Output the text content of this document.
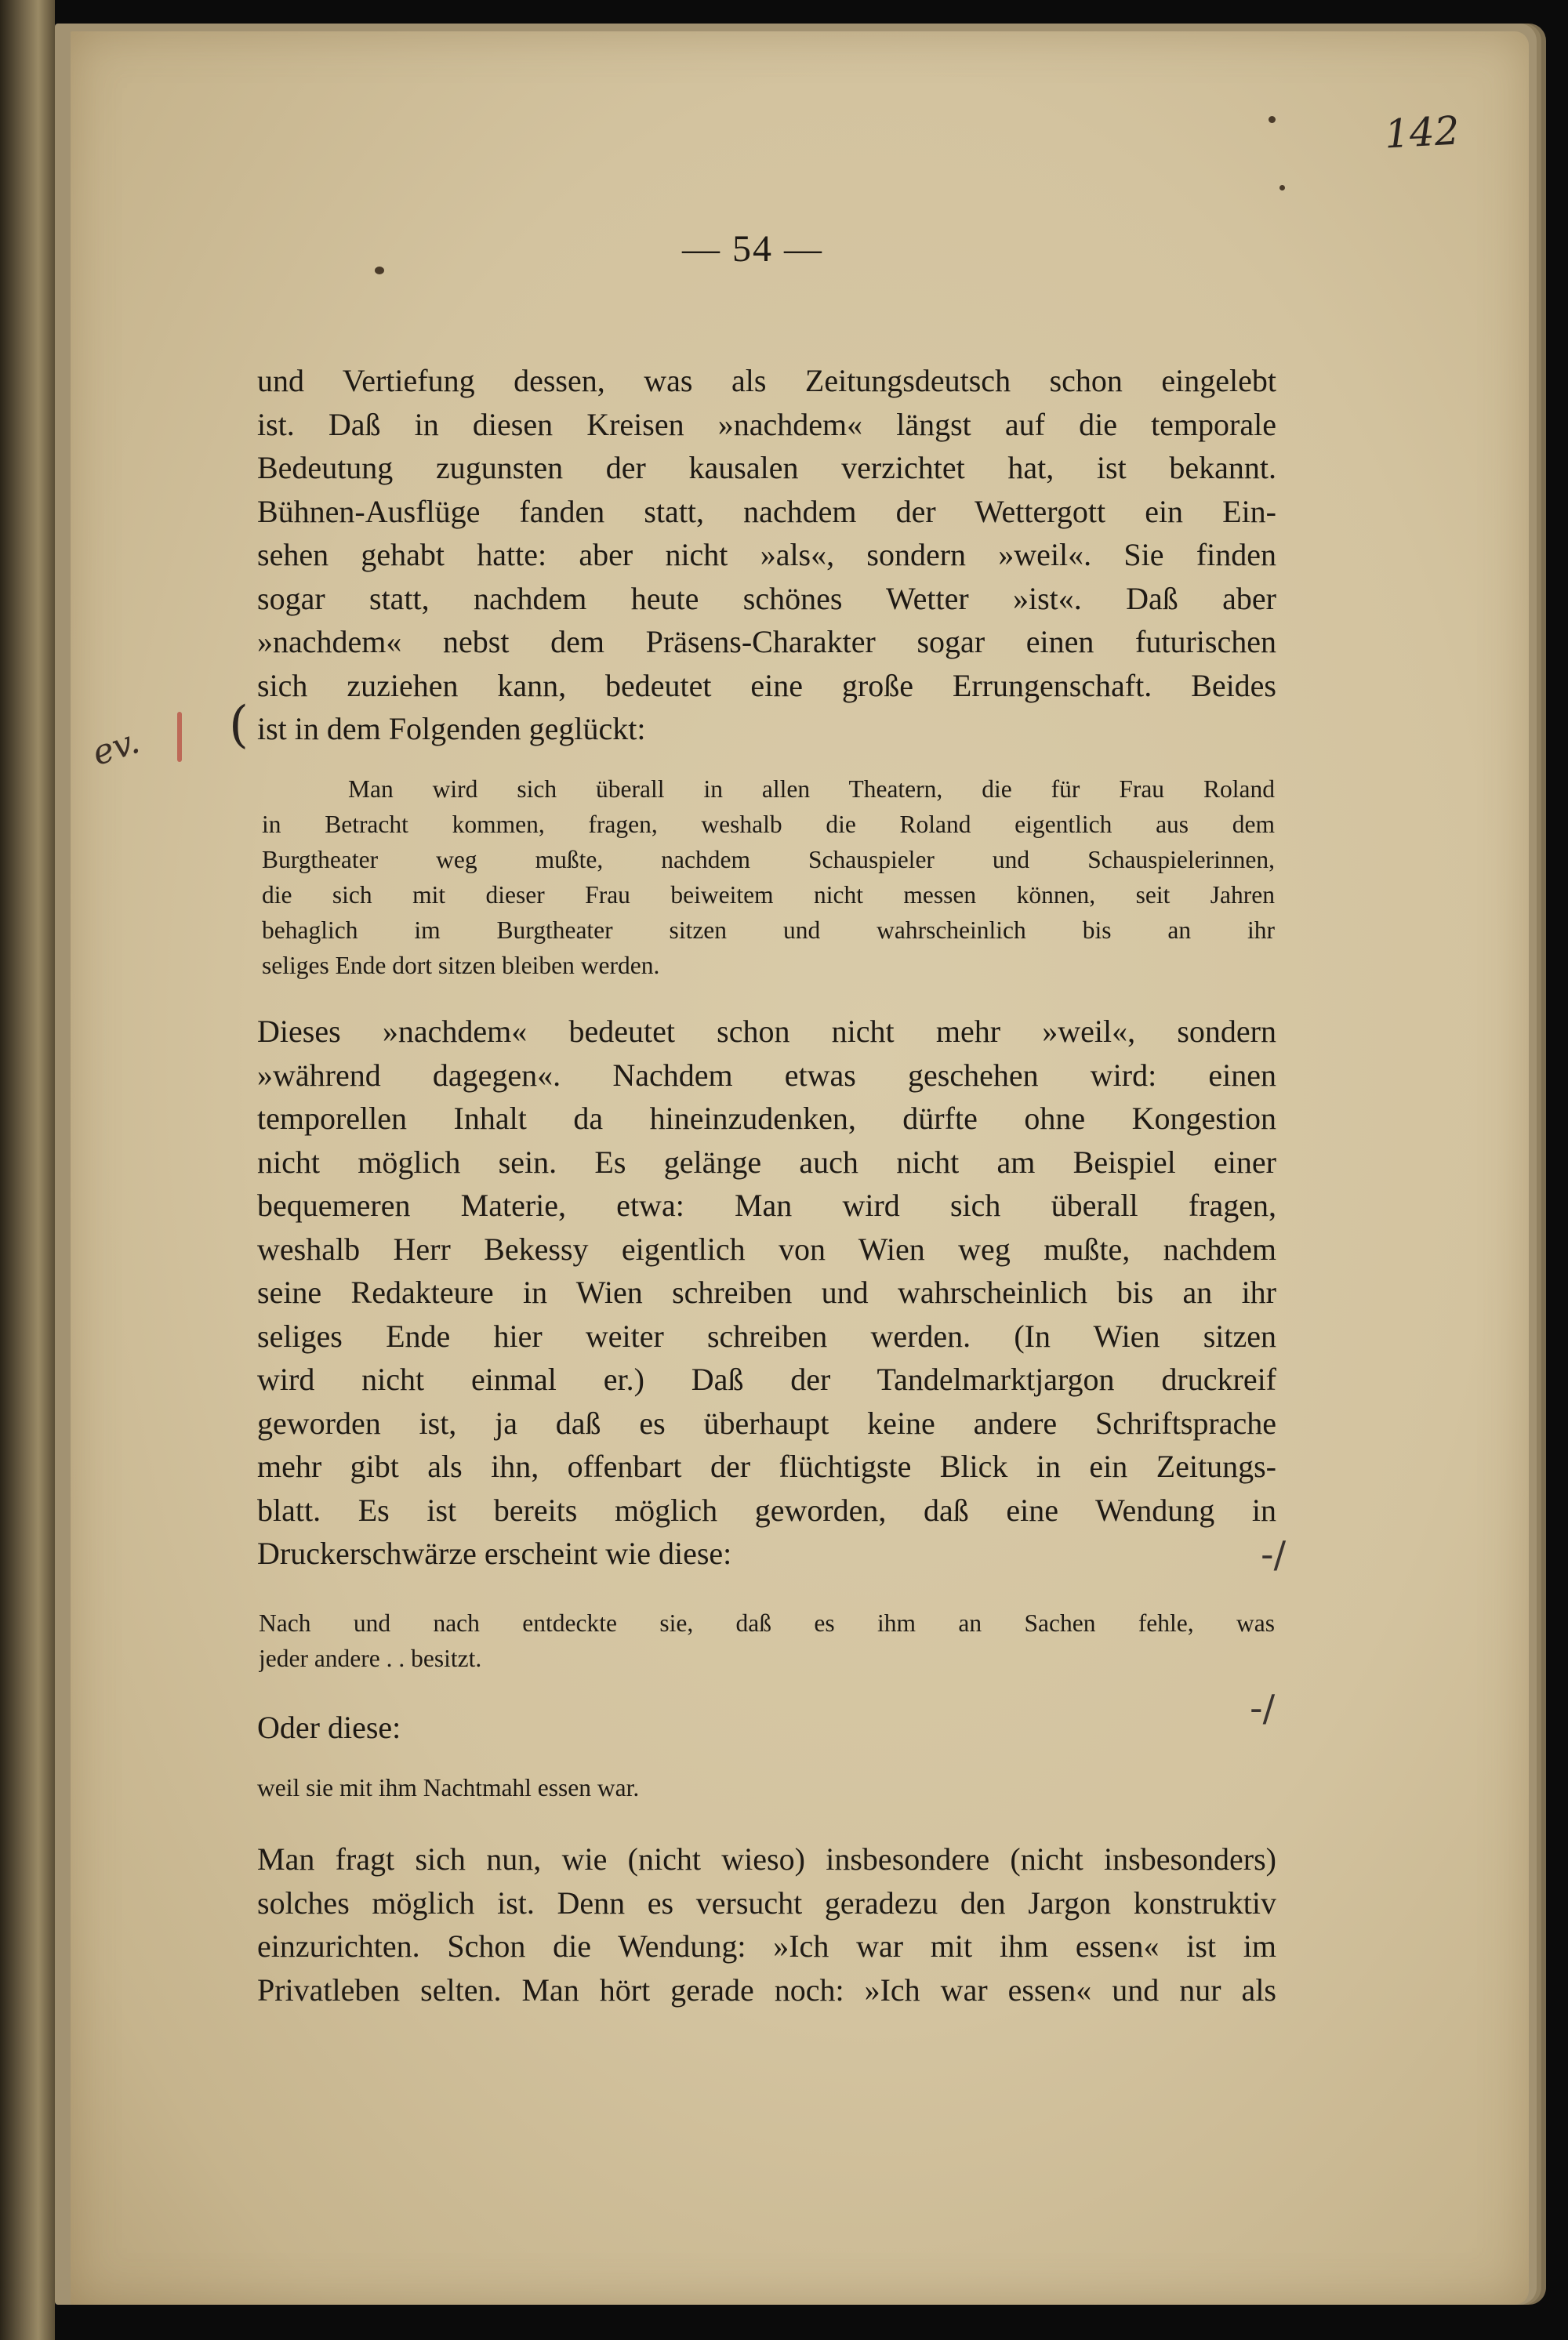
142
— 54 —
und Vertiefung dessen, was als Zeitungsdeutsch schon eingelebt
ist. Daß in diesen Kreisen »nachdem« längst auf die temporale
Bedeutung zugunsten der kausalen verzichtet hat, ist bekannt.
Bühnen-Ausflüge fanden statt, nachdem der Wettergott ein Ein-
sehen gehabt hatte: aber nicht »als«, sondern »weil«. Sie finden
sogar statt, nachdem heute schönes Wetter »ist«. Daß aber
»nachdem« nebst dem Präsens-Charakter sogar einen futurischen
sich zuziehen kann, bedeutet eine große Errungenschaft. Beides
ist in dem Folgenden geglückt:
ev. (
Man wird sich überall in allen Theatern, die für Frau Roland
in Betracht kommen, fragen, weshalb die Roland eigentlich aus dem
Burgtheater weg mußte, nachdem Schauspieler und Schauspielerinnen,
die sich mit dieser Frau beiweitem nicht messen können, seit Jahren
behaglich im Burgtheater sitzen und wahrscheinlich bis an ihr
seliges Ende dort sitzen bleiben werden.
Dieses »nachdem« bedeutet schon nicht mehr »weil«, sondern
»während dagegen«. Nachdem etwas geschehen wird: einen
temporellen Inhalt da hineinzudenken, dürfte ohne Kongestion
nicht möglich sein. Es gelänge auch nicht am Beispiel einer
bequemeren Materie, etwa: Man wird sich überall fragen,
weshalb Herr Bekessy eigentlich von Wien weg mußte, nachdem
seine Redakteure in Wien schreiben und wahrscheinlich bis an ihr
seliges Ende hier weiter schreiben werden. (In Wien sitzen
wird nicht einmal er.) Daß der Tandelmarktjargon druckreif
geworden ist, ja daß es überhaupt keine andere Schriftsprache
mehr gibt als ihn, offenbart der flüchtigste Blick in ein Zeitungs-
blatt. Es ist bereits möglich geworden, daß eine Wendung in
Druckerschwärze erscheint wie diese:	-/
Nach und nach entdeckte sie, daß es ihm an Sachen fehle, was
jeder andere . . besitzt.
Oder diese:	-/
weil sie mit ihm Nachtmahl essen war.
Man fragt sich nun, wie (nicht wieso) insbesondere (nicht insbesonders)
solches möglich ist. Denn es versucht geradezu den Jargon konstruktiv
einzurichten. Schon die Wendung: »Ich war mit ihm essen« ist im
Privatleben selten. Man hört gerade noch: »Ich war essen« und nur als
